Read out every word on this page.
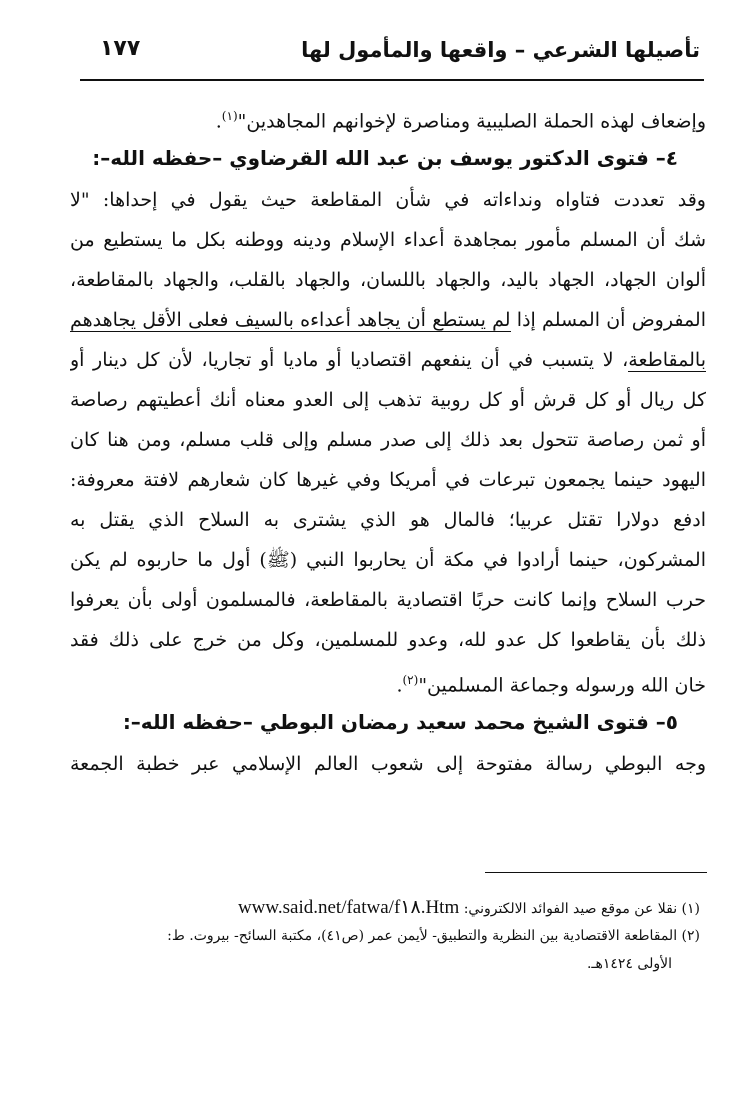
تأصيلها الشرعي – واقعها والمأمول لها
١٧٧
وإضعاف لهذه الحملة الصليبية ومناصرة لإخوانهم المجاهدين"$^{(١)}$.
٤– فتوى الدكتور يوسف بن عبد الله القرضاوي –حفظه الله–:
وقد تعددت فتاواه ونداءاته في شأن المقاطعة حيث يقول في إحداها: "لا
شك أن المسلم مأمور بمجاهدة أعداء الإسلام ودينه ووطنه بكل ما يستطيع من
ألوان الجهاد، الجهاد باليد، والجهاد باللسان، والجهاد بالقلب، والجهاد بالمقاطعة،
المفروض أن المسلم إذا لم يستطع أن يجاهد أعداءه بالسيف فعلى الأقل يجاهدهم
بالمقاطعة، لا يتسبب في أن ينفعهم اقتصاديا أو ماديا أو تجاريا، لأن كل دينار أو
كل ريال أو كل قرش أو كل روبية تذهب إلى العدو معناه أنك أعطيتهم رصاصة
أو ثمن رصاصة تتحول بعد ذلك إلى صدر مسلم وإلى قلب مسلم، ومن هنا كان
اليهود حينما يجمعون تبرعات في أمريكا وفي غيرها كان شعارهم لافتة معروفة:
ادفع دولارا تقتل عربيا؛ فالمال هو الذي يشترى به السلاح الذي يقتل به
المشركون، حينما أرادوا في مكة أن يحاربوا النبي (ﷺ) أول ما حاربوه لم يكن
حرب السلاح وإنما كانت حربًا اقتصادية بالمقاطعة، فالمسلمون أولى بأن يعرفوا
ذلك بأن يقاطعوا كل عدو لله، وعدو للمسلمين، وكل من خرج على ذلك فقد
خان الله ورسوله وجماعة المسلمين"$^{(٢)}$.
٥– فتوى الشيخ محمد سعيد رمضان البوطي –حفظه الله–:
وجه البوطي رسالة مفتوحة إلى شعوب العالم الإسلامي عبر خطبة الجمعة
(١) نقلا عن موقع صيد الفوائد الالكتروني: www.said.net/fatwa/f١٨.Htm
(٢) المقاطعة الاقتصادية بين النظرية والتطبيق- لأيمن عمر (ص٤١)، مكتبة السائح- بيروت. ط:
الأولى ١٤٢٤هـ.
